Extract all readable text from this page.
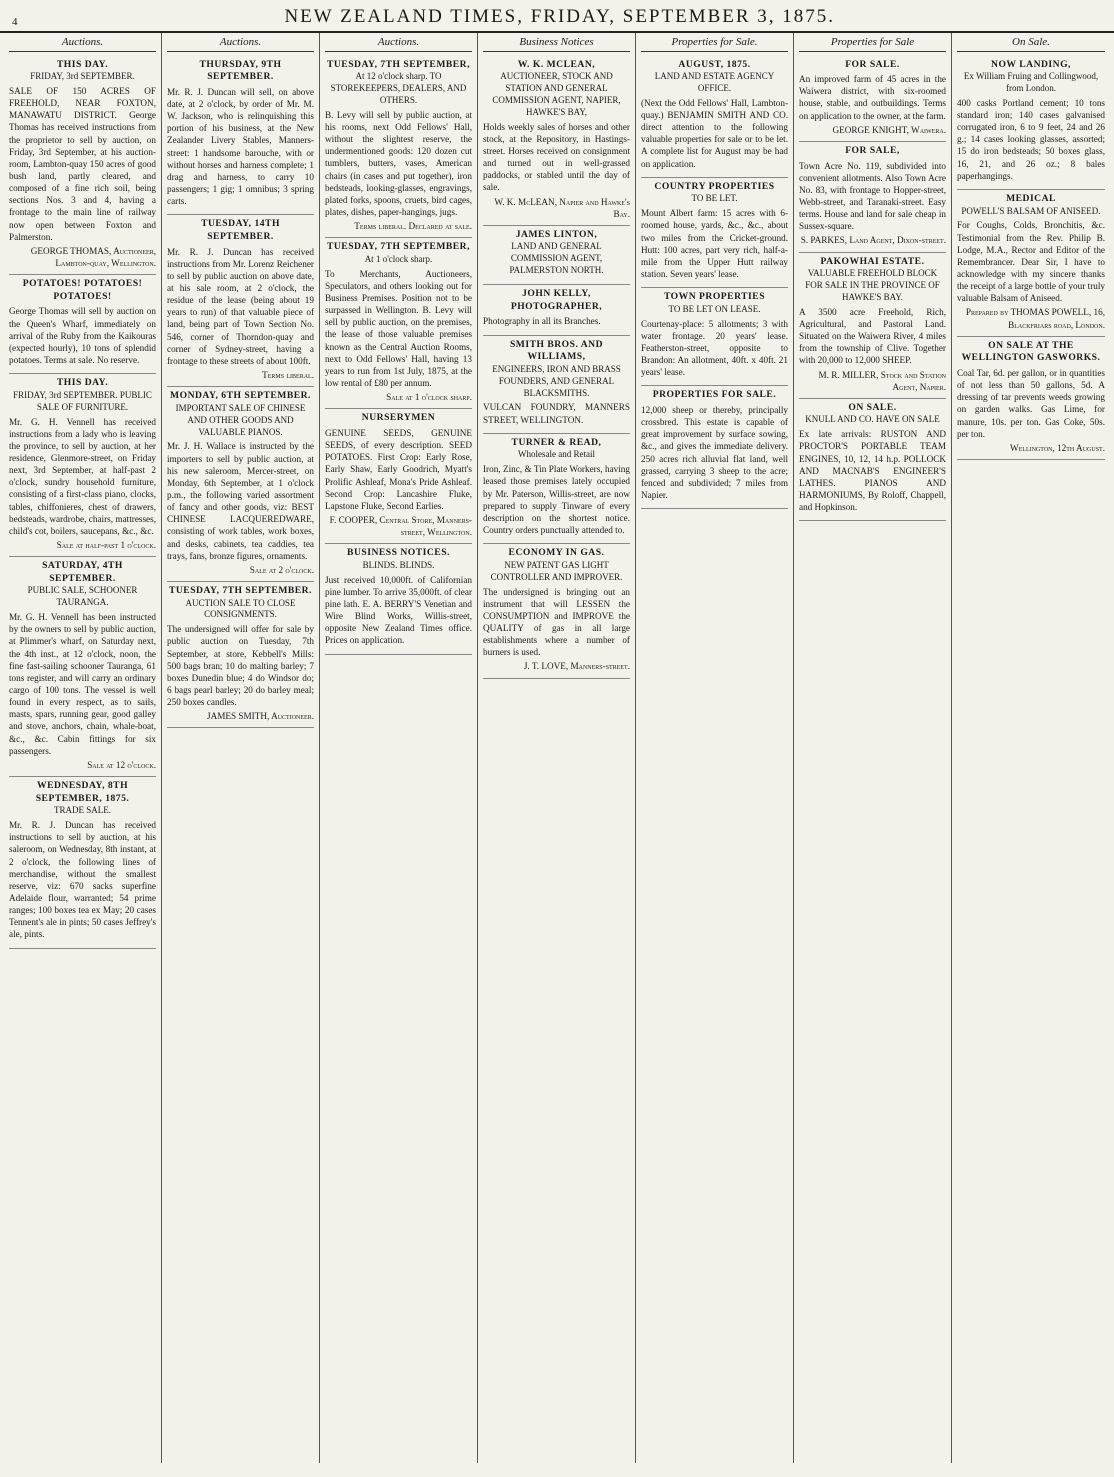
4	NEW ZEALAND TIMES, FRIDAY, SEPTEMBER 3, 1875.
Auctions.
THIS DAY.
FRIDAY, 3rd SEPTEMBER.
SALE OF 150 ACRES OF FREEHOLD, NEAR FOXTON, MANAWATU DISTRICT. George Thomas has received instructions from the proprietor to sell by auction, on Friday, 3rd September, at his auction-room, Lambton-quay 150 acres of good bush land, partly cleared, and composed of a fine rich soil, being sections Nos. 3 and 4, having a frontage to the main line of railway now open between Foxton and Palmerston.
GEORGE THOMAS, Auctioneer, Lambton-quay, Wellington.
POTATOES! POTATOES! POTATOES!
George Thomas will sell by auction on the Queen's Wharf, immediately on arrival of the Ruby from the Kaikouras (expected hourly), 10 tons of splendid potatoes. Terms at sale. No reserve.
THIS DAY.
FRIDAY, 3rd SEPTEMBER. PUBLIC SALE OF FURNITURE.
Mr. G. H. Vennell has received instructions from a lady who is leaving the province, to sell by auction, at her residence, Glenmore-street, on Friday next, 3rd September, at half-past 2 o'clock, sundry household furniture, consisting of a first-class piano, clocks, tables, chiffonieres, chest of drawers, bedsteads, wardrobe, chairs, mattresses, child's cot, boilers, saucepans, &c., &c.
Sale at half-past 1 o'clock.
SATURDAY, 4TH SEPTEMBER.
PUBLIC SALE, SCHOONER TAURANGA.
Mr. G. H. Vennell has been instructed by the owners to sell by public auction, at Plimmer's wharf, on Saturday next, the 4th inst., at 12 o'clock, noon, the fine fast-sailing schooner Tauranga, 61 tons register, and will carry an ordinary cargo of 100 tons. The vessel is well found in every respect, as to sails, masts, spars, running gear, good galley and stove, anchors, chain, whale-boat, &c., &c. Cabin fittings for six passengers.
Sale at 12 o'clock.
WEDNESDAY, 8TH SEPTEMBER, 1875.
TRADE SALE.
Mr. R. J. Duncan has received instructions to sell by auction, at his saleroom, on Wednesday, 8th instant, at 2 o'clock, the following lines of merchandise, without the smallest reserve, viz: 670 sacks superfine Adelaide flour, warranted; 54 prime ranges; 100 boxes tea ex May; 20 cases Tennent's ale in pints; 50 cases Jeffrey's ale, pints.
Auctions.
THURSDAY, 9TH SEPTEMBER.
Mr. R. J. Duncan will sell, on above date, at 2 o'clock, by order of Mr. M. W. Jackson, who is relinquishing this portion of his business, at the New Zealander Livery Stables, Manners-street: 1 handsome barouche, with or without horses and harness complete; 1 drag and harness, to carry 10 passengers; 1 gig; 1 omnibus; 3 spring carts.
TUESDAY, 14TH SEPTEMBER.
Mr. R. J. Duncan has received instructions from Mr. Lorenz Reichener to sell by public auction on above date, at his sale room, at 2 o'clock, the residue of the lease (being about 19 years to run) of that valuable piece of land, being part of Town Section No. 546, corner of Thorndon-quay and corner of Sydney-street, having a frontage to these streets of about 100ft.
Terms liberal.
MONDAY, 6TH SEPTEMBER.
IMPORTANT SALE OF CHINESE AND OTHER GOODS AND VALUABLE PIANOS.
Mr. J. H. Wallace is instructed by the importers to sell by public auction, at his new saleroom, Mercer-street, on Monday, 6th September, at 1 o'clock p.m., the following varied assortment of fancy and other goods, viz: BEST CHINESE LACQUEREDWARE, consisting of work tables, work boxes, and desks, cabinets, tea caddies, tea trays, fans, bronze figures, ornaments.
Sale at 2 o'clock.
TUESDAY, 7TH SEPTEMBER.
AUCTION SALE TO CLOSE CONSIGNMENTS.
The undersigned will offer for sale by public auction on Tuesday, 7th September, at store, Kebbell's Mills: 500 bags bran; 10 do malting barley; 7 boxes Dunedin blue; 4 do Windsor do; 6 bags pearl barley; 20 do barley meal; 250 boxes candles.
JAMES SMITH, Auctioneer.
Auctions.
TUESDAY, 7TH SEPTEMBER,
At 12 o'clock sharp. TO STOREKEEPERS, DEALERS, AND OTHERS.
B. Levy will sell by public auction, at his rooms, next Odd Fellows' Hall, without the slightest reserve, the undermentioned goods: 120 dozen cut tumblers, butters, vases, American chairs (in cases and put together), iron bedsteads, looking-glasses, engravings, plated forks, spoons, cruets, bird cages, plates, dishes, paper-hangings, jugs.
Terms liberal. Declared at sale.
TUESDAY, 7TH SEPTEMBER,
At 1 o'clock sharp.
To Merchants, Auctioneers, Speculators, and others looking out for Business Premises. Position not to be surpassed in Wellington. B. Levy will sell by public auction, on the premises, the lease of those valuable premises known as the Central Auction Rooms, next to Odd Fellows' Hall, having 13 years to run from 1st July, 1875, at the low rental of £80 per annum.
Sale at 1 o'clock sharp.
NURSERYMEN
GENUINE SEEDS, GENUINE SEEDS, of every description. SEED POTATOES. First Crop: Early Rose, Early Shaw, Early Goodrich, Myatt's Prolific Ashleaf, Mona's Pride Ashleaf. Second Crop: Lancashire Fluke, Lapstone Fluke, Second Earlies.
F. COOPER, Central Store, Manners-street, Wellington.
BUSINESS NOTICES.
BLINDS. BLINDS.
Just received 10,000ft. of Californian pine lumber. To arrive 35,000ft. of clear pine lath. E. A. BERRY'S Venetian and Wire Blind Works, Willis-street, opposite New Zealand Times office. Prices on application.
Business Notices
W. K. MCLEAN,
AUCTIONEER, STOCK AND STATION AND GENERAL COMMISSION AGENT, NAPIER, HAWKE'S BAY,
Holds weekly sales of horses and other stock, at the Repository, in Hastings-street. Horses received on consignment and turned out in well-grassed paddocks, or stabled until the day of sale.
W. K. McLEAN, Napier and Hawke's Bay.
JAMES LINTON,
LAND AND GENERAL COMMISSION AGENT, PALMERSTON NORTH.
JOHN KELLY, PHOTOGRAPHER,
Photography in all its Branches.
SMITH BROS. AND WILLIAMS,
ENGINEERS, IRON AND BRASS FOUNDERS, AND GENERAL BLACKSMITHS.
VULCAN FOUNDRY, MANNERS STREET, WELLINGTON.
TURNER & READ,
Wholesale and Retail
Iron, Zinc, & Tin Plate Workers, having leased those premises lately occupied by Mr. Paterson, Willis-street, are now prepared to supply Tinware of every description on the shortest notice. Country orders punctually attended to.
ECONOMY IN GAS.
NEW PATENT GAS LIGHT CONTROLLER AND IMPROVER.
The undersigned is bringing out an instrument that will LESSEN the CONSUMPTION and IMPROVE the QUALITY of gas in all large establishments where a number of burners is used.
J. T. LOVE, Manners-street.
Properties for Sale.
AUGUST, 1875.
LAND AND ESTATE AGENCY OFFICE.
(Next the Odd Fellows' Hall, Lambton-quay.) BENJAMIN SMITH AND CO. direct attention to the following valuable properties for sale or to be let. A complete list for August may be had on application.
COUNTRY PROPERTIES
TO BE LET.
Mount Albert farm: 15 acres with 6-roomed house, yards, &c., &c., about two miles from the Cricket-ground. Hutt: 100 acres, part very rich, half-a-mile from the Upper Hutt railway station. Seven years' lease.
TOWN PROPERTIES
TO BE LET ON LEASE.
Courtenay-place: 5 allotments; 3 with water frontage. 20 years' lease. Featherston-street, opposite to Brandon: An allotment, 40ft. x 40ft. 21 years' lease.
PROPERTIES FOR SALE.
12,000 sheep or thereby, principally crossbred. This estate is capable of great improvement by surface sowing, &c., and gives the immediate delivery. 250 acres rich alluvial flat land, well grassed, carrying 3 sheep to the acre; fenced and subdivided; 7 miles from Napier.
Properties for Sale
FOR SALE.
An improved farm of 45 acres in the Waiwera district, with six-roomed house, stable, and outbuildings. Terms on application to the owner, at the farm.
GEORGE KNIGHT, Waiwera.
FOR SALE,
Town Acre No. 119, subdivided into convenient allotments. Also Town Acre No. 83, with frontage to Hopper-street, Webb-street, and Taranaki-street. Easy terms. House and land for sale cheap in Sussex-square.
S. PARKES, Land Agent, Dixon-street.
PAKOWHAI ESTATE.
VALUABLE FREEHOLD BLOCK FOR SALE IN THE PROVINCE OF HAWKE'S BAY.
A 3500 acre Freehold, Rich, Agricultural, and Pastoral Land. Situated on the Waiwera River, 4 miles from the township of Clive. Together with 20,000 to 12,000 SHEEP.
M. R. MILLER, Stock and Station Agent, Napier.
ON SALE.
KNULL AND CO. HAVE ON SALE
Ex late arrivals: RUSTON AND PROCTOR'S PORTABLE TEAM ENGINES, 10, 12, 14 h.p. POLLOCK AND MACNAB'S ENGINEER'S LATHES. PIANOS AND HARMONIUMS, By Roloff, Chappell, and Hopkinson.
On Sale.
NOW LANDING,
Ex William Fruing and Collingwood, from London.
400 casks Portland cement; 10 tons standard iron; 140 cases galvanised corrugated iron, 6 to 9 feet, 24 and 26 g.; 14 cases looking glasses, assorted; 15 do iron bedsteads; 50 boxes glass, 16, 21, and 26 oz.; 8 bales paperhangings.
MEDICAL
POWELL'S BALSAM OF ANISEED.
For Coughs, Colds, Bronchitis, &c. Testimonial from the Rev. Philip B. Lodge, M.A., Rector and Editor of the Remembrancer. Dear Sir, I have to acknowledge with my sincere thanks the receipt of a large bottle of your truly valuable Balsam of Aniseed.
Prepared by THOMAS POWELL, 16, Blackfriars road, London.
ON SALE AT THE WELLINGTON GASWORKS.
Coal Tar, 6d. per gallon, or in quantities of not less than 50 gallons, 5d. A dressing of tar prevents weeds growing on garden walks. Gas Lime, for manure, 10s. per ton. Gas Coke, 50s. per ton.
Wellington, 12th August.
